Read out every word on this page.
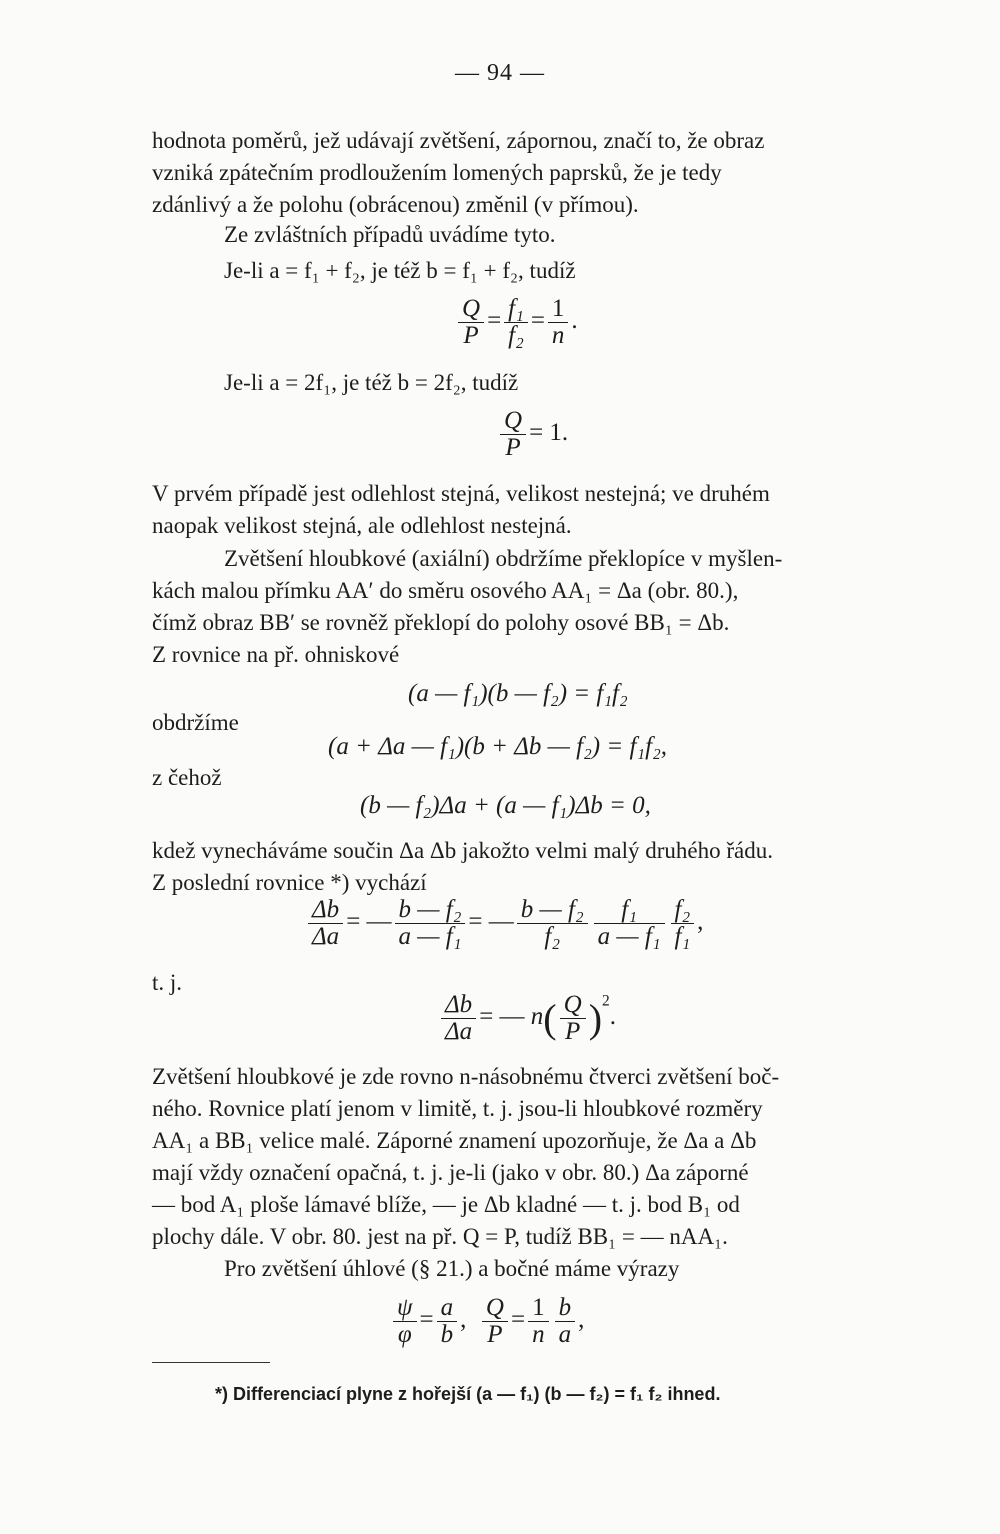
— 94 —
hodnota poměrů, jež udávají zvětšení, zápornou, značí to, že obraz
vzniká zpátečním prodloužením lomených paprsků, že je tedy
zdánlivý a že polohu (obrácenou) změnil (v přímou).
Ze zvláštních případů uvádíme tyto.
Je-li a = f₁ + f₂, je též b = f₁ + f₂, tudíž
$\frac{Q}{P} = \frac{\text{f₁}}{\text{f₂}} = \frac{1}{n}$ .
Je-li a = 2f₁, je též b = 2f₂, tudíž
$\frac{Q}{P} = 1$.
V prvém případě jest odlehlost stejná, velikost nestejná; ve druhém
naopak velikost stejná, ale odlehlost nestejná.
Zvětšení hloubkové (axiální) obdržíme překlopíce v myšlen-
kách malou přímku AA′ do směru osového AA₁ = Δa (obr. 80.),
čímž obraz BB′ se rovněž překlopí do polohy osové BB₁ = Δb.
Z rovnice na př. ohniskové
(a — f₁)(b — f₂) = f₁f₂
obdržíme
(a + Δa — f₁)(b + Δb — f₂) = f₁f₂,
z čehož
(b — f₂)Δa + (a — f₁)Δb = 0,
kdež vynecháváme součin Δa Δb jakožto velmi malý druhého řádu.
Z poslední rovnice *) vychází
$\frac{\Delta b}{\Delta a}$ = — $\frac{\text{b — f₂}}{\text{a — f₁}}$ = — $\frac{\text{b — f₂}}{\text{f₂}} \frac{\text{f₁}}{\text{a — f₁}} \frac{\text{f₂}}{\text{f₁}}$ ,
t. j.
$\frac{\Delta b}{\Delta a}$ = — $n( \frac{Q}{P} )^2$.
Zvětšení hloubkové je zde rovno n-násobnému čtverci zvětšení boč-
ného. Rovnice platí jenom v limitě, t. j. jsou-li hloubkové rozměry
AA₁ a BB₁ velice malé. Záporné znamení upozorňuje, že Δa a Δb
mají vždy označení opačná, t. j. je-li (jako v obr. 80.) Δa záporné
— bod A₁ ploše lámavé blíže, — je Δb kladné — t. j. bod B₁ od
plochy dále. V obr. 80. jest na př. Q = P, tudíž BB₁ = — nAA₁.
Pro zvětšení úhlové (§ 21.) a bočné máme výrazy
$\frac{\psi}{\varphi} = \frac{a}{b}$ , $\frac{Q}{P} = \frac{1}{n} \frac{b}{a}$ ,
*) Differenciací plyne z hořejší (a — f₁) (b — f₂) = f₁ f₂ ihned.
